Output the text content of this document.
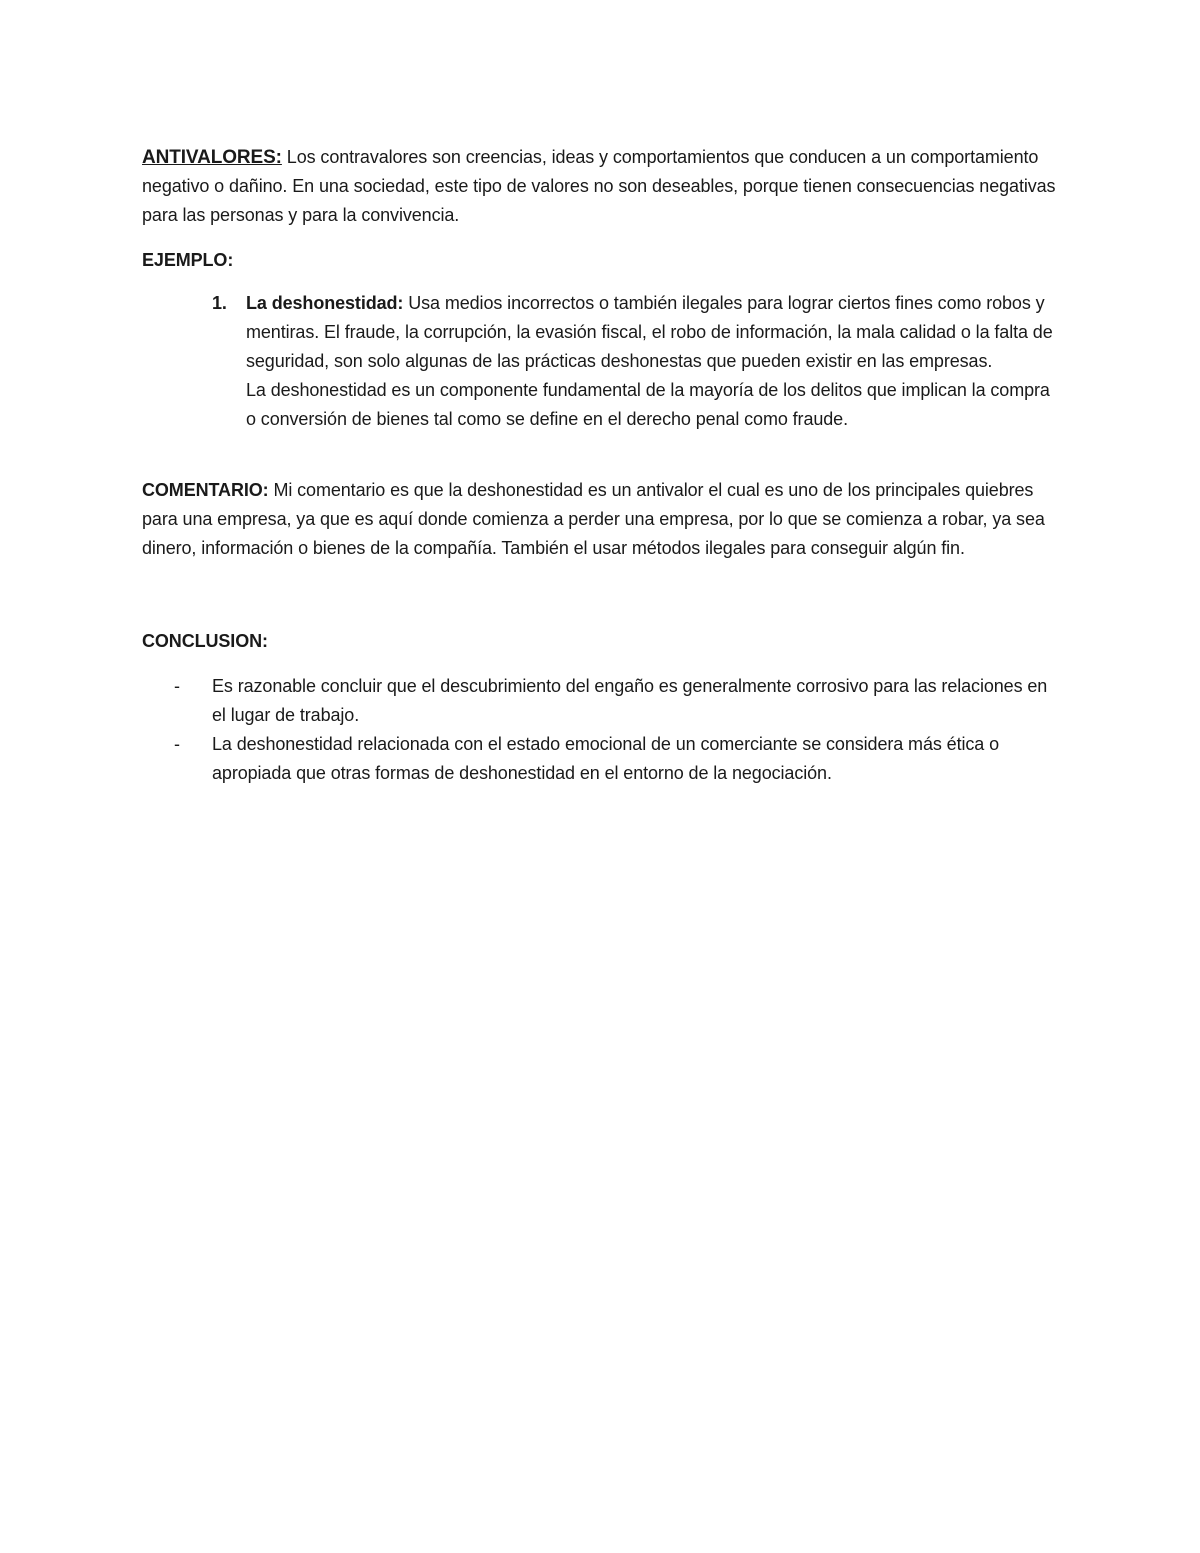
ANTIVALORES: Los contravalores son creencias, ideas y comportamientos que conducen a un comportamiento negativo o dañino. En una sociedad, este tipo de valores no son deseables, porque tienen consecuencias negativas para las personas y para la convivencia.

EJEMPLO:

1. La deshonestidad: Usa medios incorrectos o también ilegales para lograr ciertos fines como robos y mentiras. El fraude, la corrupción, la evasión fiscal, el robo de información, la mala calidad o la falta de seguridad, son solo algunas de las prácticas deshonestas que pueden existir en las empresas.

La deshonestidad es un componente fundamental de la mayoría de los delitos que implican la compra o conversión de bienes tal como se define en el derecho penal como fraude.

COMENTARIO: Mi comentario es que la deshonestidad es un antivalor el cual es uno de los principales quiebres para una empresa, ya que es aquí donde comienza a perder una empresa, por lo que se comienza a robar, ya sea dinero, información o bienes de la compañía. También el usar métodos ilegales para conseguir algún fin.

CONCLUSION:

- Es razonable concluir que el descubrimiento del engaño es generalmente corrosivo para las relaciones en el lugar de trabajo.
- La deshonestidad relacionada con el estado emocional de un comerciante se considera más ética o apropiada que otras formas de deshonestidad en el entorno de la negociación.
